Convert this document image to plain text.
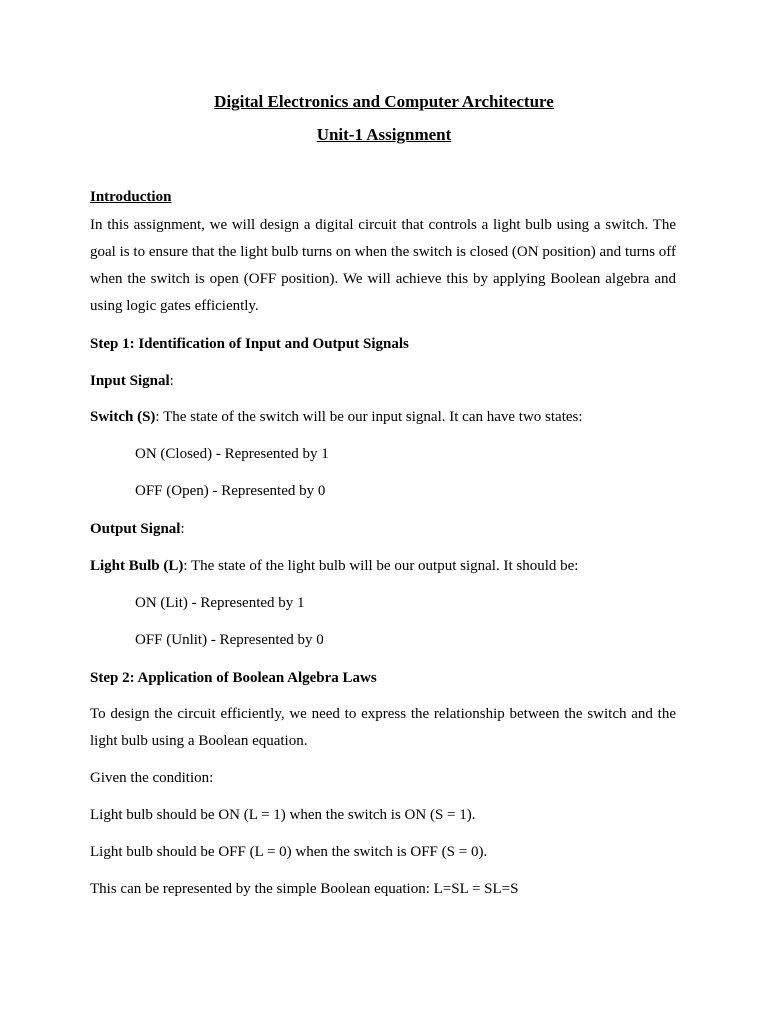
Digital Electronics and Computer Architecture
Unit-1 Assignment
Introduction
In this assignment, we will design a digital circuit that controls a light bulb using a switch. The goal is to ensure that the light bulb turns on when the switch is closed (ON position) and turns off when the switch is open (OFF position). We will achieve this by applying Boolean algebra and using logic gates efficiently.
Step 1: Identification of Input and Output Signals
Input Signal:
Switch (S): The state of the switch will be our input signal. It can have two states:
ON (Closed) - Represented by 1
OFF (Open) - Represented by 0
Output Signal:
Light Bulb (L): The state of the light bulb will be our output signal. It should be:
ON (Lit) - Represented by 1
OFF (Unlit) - Represented by 0
Step 2: Application of Boolean Algebra Laws
To design the circuit efficiently, we need to express the relationship between the switch and the light bulb using a Boolean equation.
Given the condition:
Light bulb should be ON (L = 1) when the switch is ON (S = 1).
Light bulb should be OFF (L = 0) when the switch is OFF (S = 0).
This can be represented by the simple Boolean equation: L=SL = SL=S
